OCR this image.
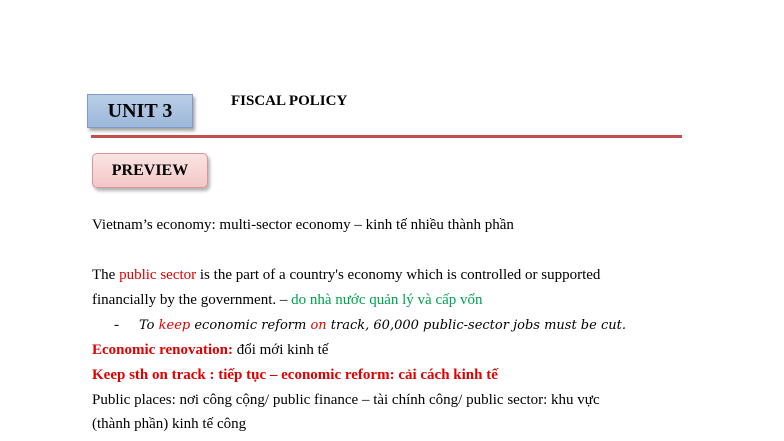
UNIT 3	FISCAL POLICY
PREVIEW
Vietnam’s economy: multi-sector economy – kinh tế nhiều thành phần
The public sector is the part of a country's economy which is controlled or supported
financially by the government. – do nhà nước quản lý và cấp vốn
- To keep economic reform on track, 60,000 public-sector jobs must be cut.
Economic renovation: đổi mới kinh tế
Keep sth on track : tiếp tục – economic reform: cải cách kinh tế
Public places: nơi công cộng/ public finance – tài chính công/ public sector: khu vực
(thành phần) kinh tế công
